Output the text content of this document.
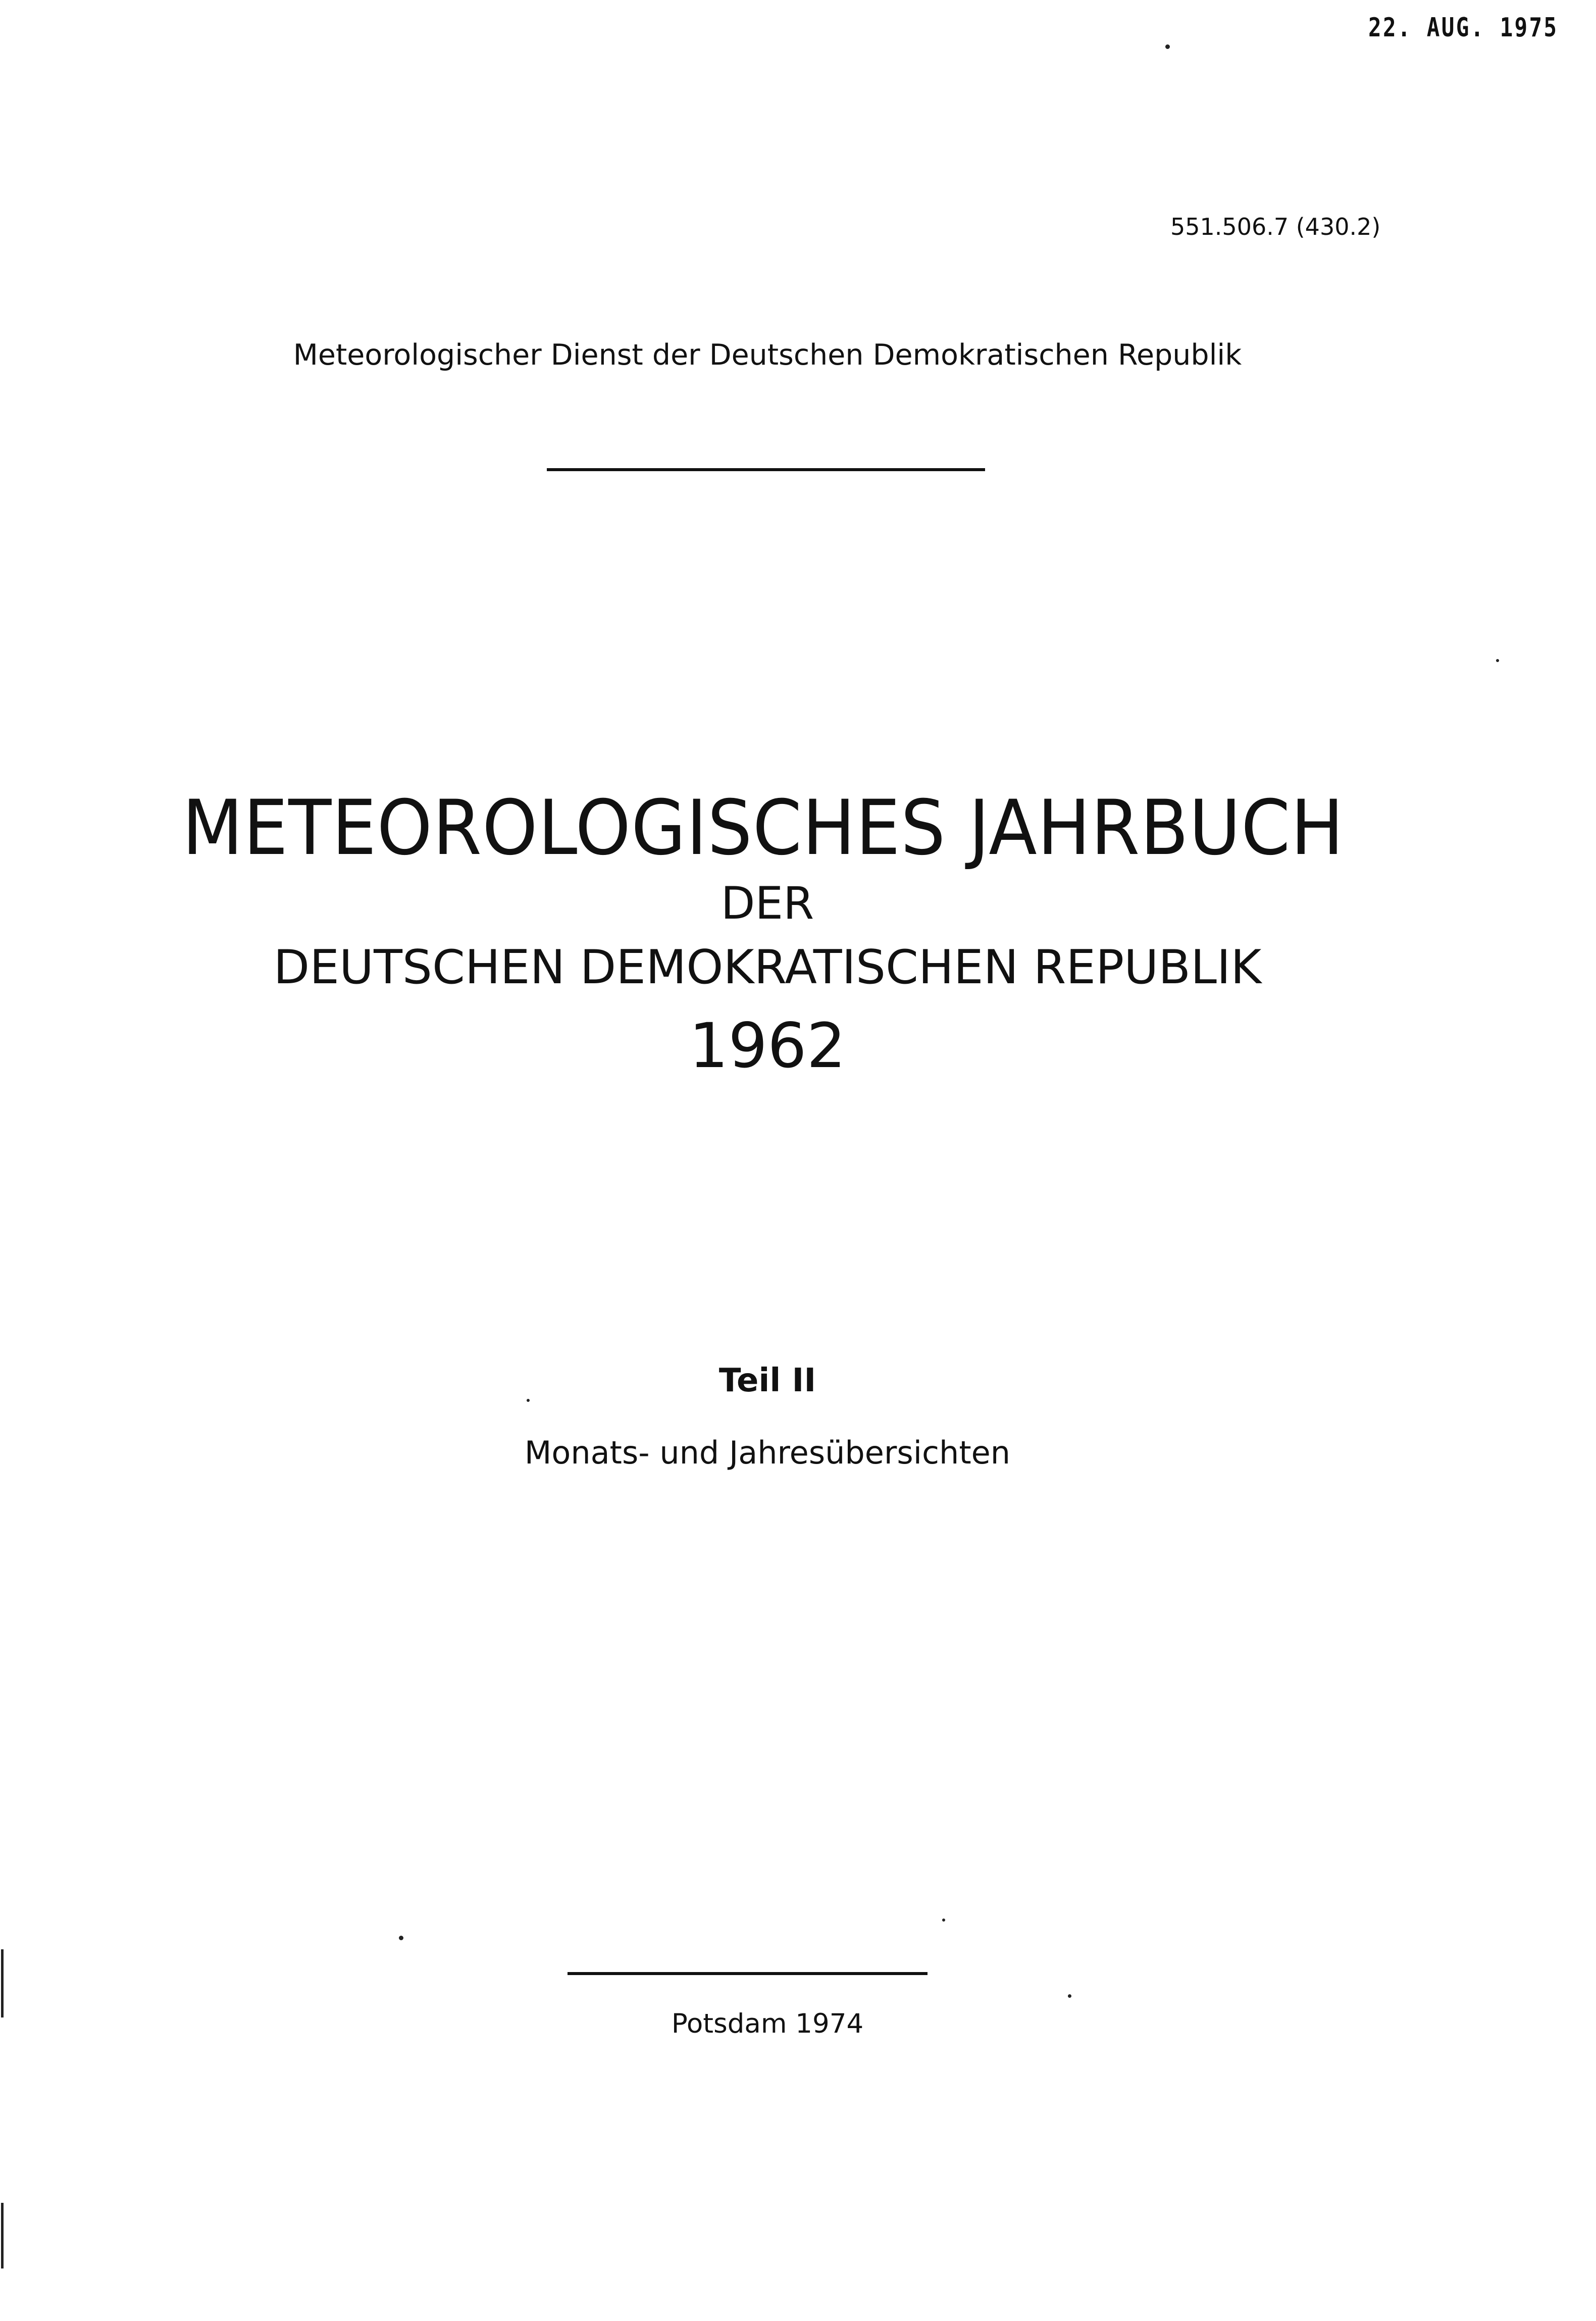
22. AUG. 1975
551.506.7 (430.2)
Meteorologischer Dienst der Deutschen Demokratischen Republik
METEOROLOGISCHES JAHRBUCH
DER
DEUTSCHEN DEMOKRATISCHEN REPUBLIK
1962
Teil II
Monats- und Jahresübersichten
Potsdam 1974
